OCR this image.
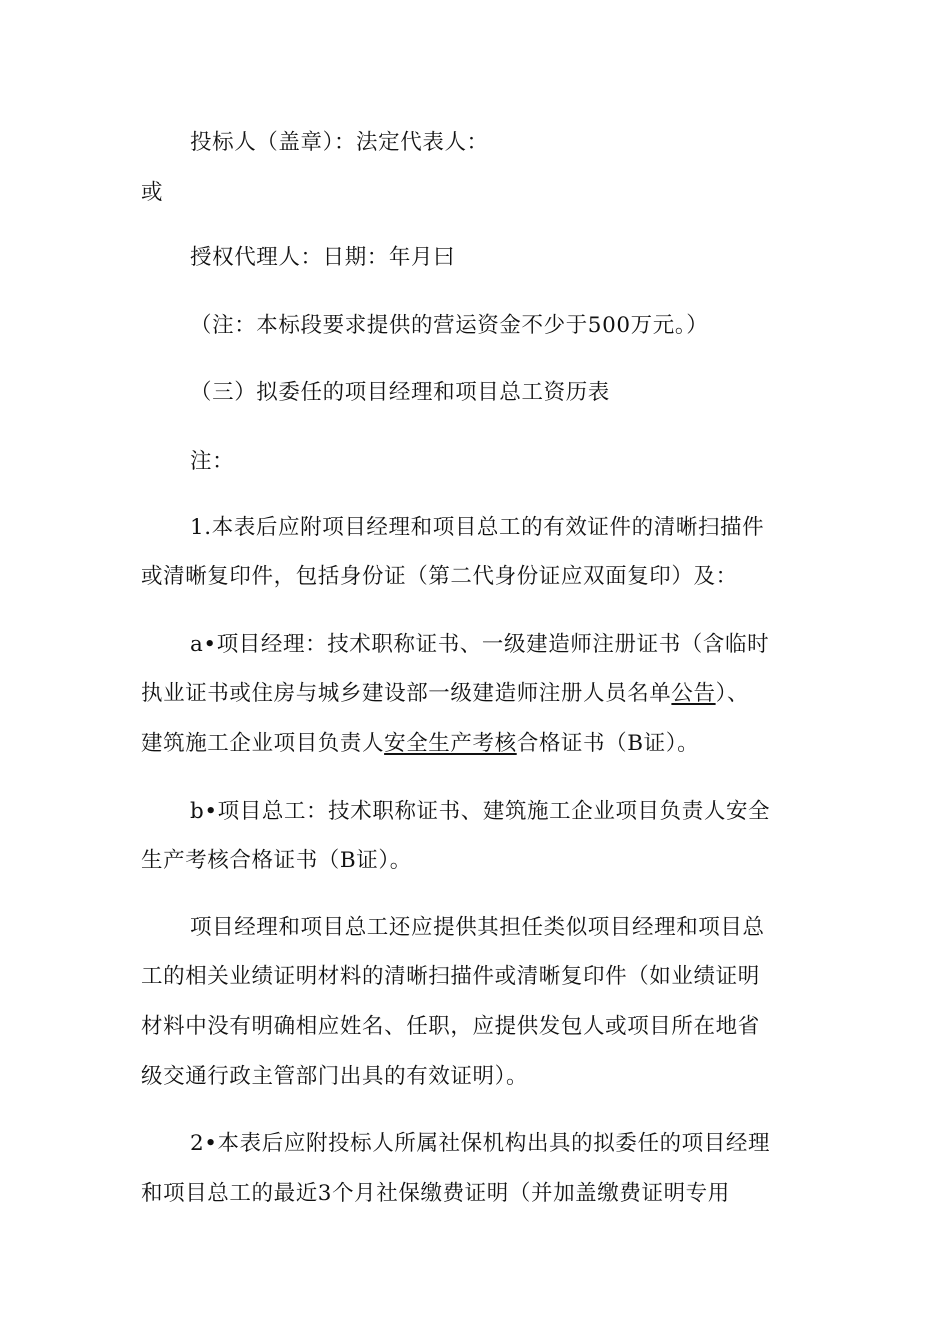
投标人（盖章）：法定代表人：
或
授权代理人：日期：年月曰
（注：本标段要求提供的营运资金不少于500万元。）
（三）拟委任的项目经理和项目总工资历表
注：
1.本表后应附项目经理和项目总工的有效证件的清晰扫描件
或清晰复印件，包括身份证（第二代身份证应双面复印）及：
a•项目经理：技术职称证书、一级建造师注册证书（含临时
执业证书或住房与城乡建设部一级建造师注册人员名单公告）、
建筑施工企业项目负责人安全生产考核合格证书（B证）。
b•项目总工：技术职称证书、建筑施工企业项目负责人安全
生产考核合格证书（B证）。
项目经理和项目总工还应提供其担任类似项目经理和项目总
工的相关业绩证明材料的清晰扫描件或清晰复印件（如业绩证明
材料中没有明确相应姓名、任职，应提供发包人或项目所在地省
级交通行政主管部门出具的有效证明）。
2•本表后应附投标人所属社保机构出具的拟委任的项目经理
和项目总工的最近3个月社保缴费证明（并加盖缴费证明专用
